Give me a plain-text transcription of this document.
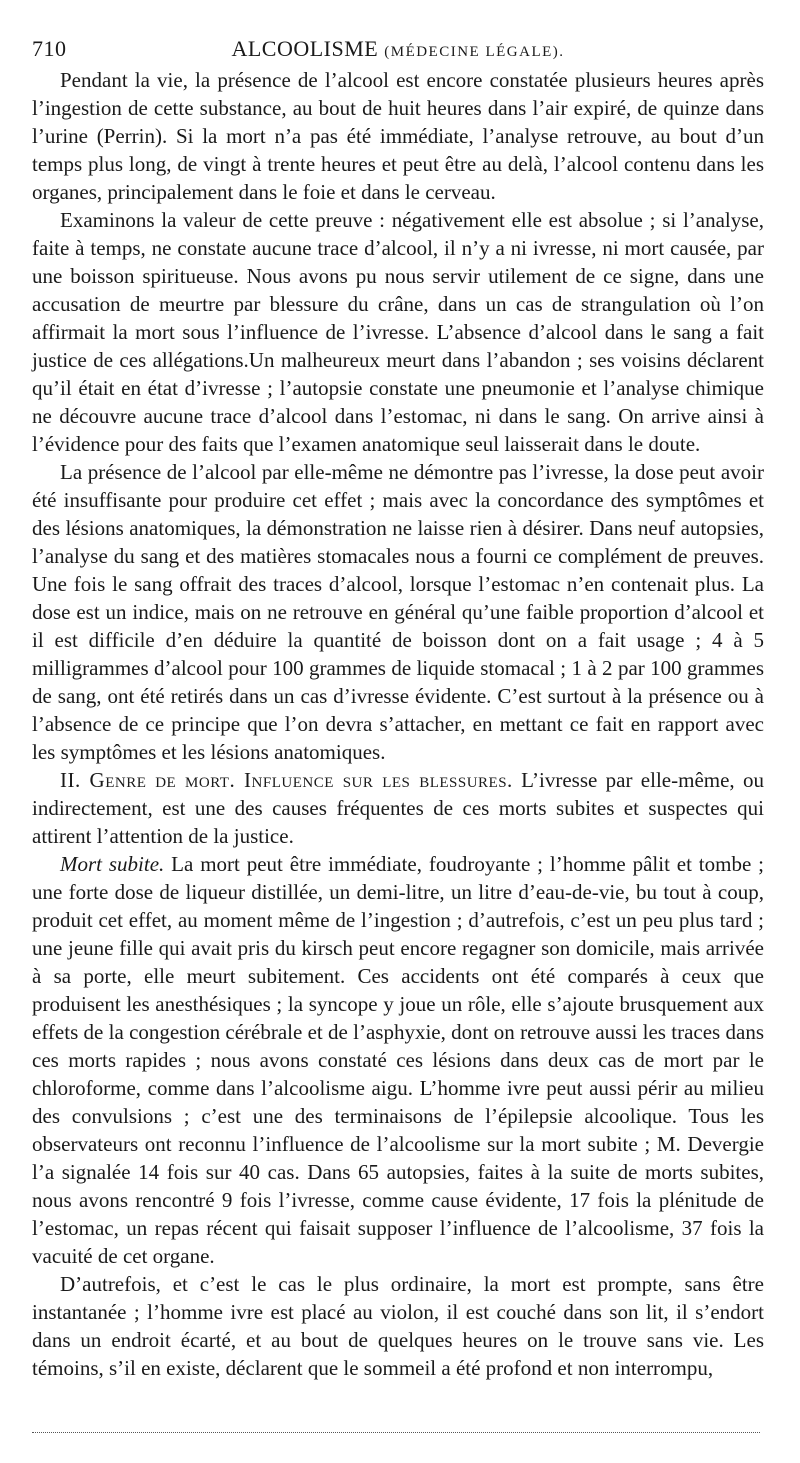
710	ALCOOLISME (MÉDECINE LÉGALE).

Pendant la vie, la présence de l’alcool est encore constatée plusieurs heures après l’ingestion de cette substance, au bout de huit heures dans l’air expiré, de quinze dans l’urine (Perrin). Si la mort n’a pas été immédiate, l’analyse retrouve, au bout d’un temps plus long, de vingt à trente heures et peut être au delà, l’alcool contenu dans les organes, principalement dans le foie et dans le cerveau.

Examinons la valeur de cette preuve : négativement elle est absolue ; si l’analyse, faite à temps, ne constate aucune trace d’alcool, il n’y a ni ivresse, ni mort causée, par une boisson spiritueuse. Nous avons pu nous servir utilement de ce signe, dans une accusation de meurtre par blessure du crâne, dans un cas de strangulation où l’on affirmait la mort sous l’influence de l’ivresse. L’absence d’alcool dans le sang a fait justice de ces allégations.Un malheureux meurt dans l’abandon ; ses voisins déclarent qu’il était en état d’ivresse ; l’autopsie constate une pneumonie et l’analyse chimique ne découvre aucune trace d’alcool dans l’estomac, ni dans le sang. On arrive ainsi à l’évidence pour des faits que l’examen anatomique seul laisserait dans le doute.

La présence de l’alcool par elle-même ne démontre pas l’ivresse, la dose peut avoir été insuffisante pour produire cet effet ; mais avec la concordance des symptômes et des lésions anatomiques, la démonstration ne laisse rien à désirer. Dans neuf autopsies, l’analyse du sang et des matières stomacales nous a fourni ce complément de preuves. Une fois le sang offrait des traces d’alcool, lorsque l’estomac n’en contenait plus. La dose est un indice, mais on ne retrouve en général qu’une faible proportion d’alcool et il est difficile d’en déduire la quantité de boisson dont on a fait usage ; 4 à 5 milligrammes d’alcool pour 100 grammes de liquide stomacal ; 1 à 2 par 100 grammes de sang, ont été retirés dans un cas d’ivresse évidente. C’est surtout à la présence ou à l’absence de ce principe que l’on devra s’attacher, en mettant ce fait en rapport avec les symptômes et les lésions anatomiques.

II. Genre de mort. Influence sur les blessures. L’ivresse par elle-même, ou indirectement, est une des causes fréquentes de ces morts subites et suspectes qui attirent l’attention de la justice.

Mort subite. La mort peut être immédiate, foudroyante ; l’homme pâlit et tombe ; une forte dose de liqueur distillée, un demi-litre, un litre d’eau-de-vie, bu tout à coup, produit cet effet, au moment même de l’ingestion ; d’autrefois, c’est un peu plus tard ; une jeune fille qui avait pris du kirsch peut encore regagner son domicile, mais arrivée à sa porte, elle meurt subitement. Ces accidents ont été comparés à ceux que produisent les anesthésiques ; la syncope y joue un rôle, elle s’ajoute brusquement aux effets de la congestion cérébrale et de l’asphyxie, dont on retrouve aussi les traces dans ces morts rapides ; nous avons constaté ces lésions dans deux cas de mort par le chloroforme, comme dans l’alcoolisme aigu. L’homme ivre peut aussi périr au milieu des convulsions ; c’est une des terminaisons de l’épilepsie alcoolique. Tous les observateurs ont reconnu l’influence de l’alcoolisme sur la mort subite ; M. Devergie l’a signalée 14 fois sur 40 cas. Dans 65 autopsies, faites à la suite de morts subites, nous avons rencontré 9 fois l’ivresse, comme cause évidente, 17 fois la plénitude de l’estomac, un repas récent qui faisait supposer l’influence de l’alcoolisme, 37 fois la vacuité de cet organe.

D’autrefois, et c’est le cas le plus ordinaire, la mort est prompte, sans être instantanée ; l’homme ivre est placé au violon, il est couché dans son lit, il s’endort dans un endroit écarté, et au bout de quelques heures on le trouve sans vie. Les témoins, s’il en existe, déclarent que le sommeil a été profond et non interrompu,
